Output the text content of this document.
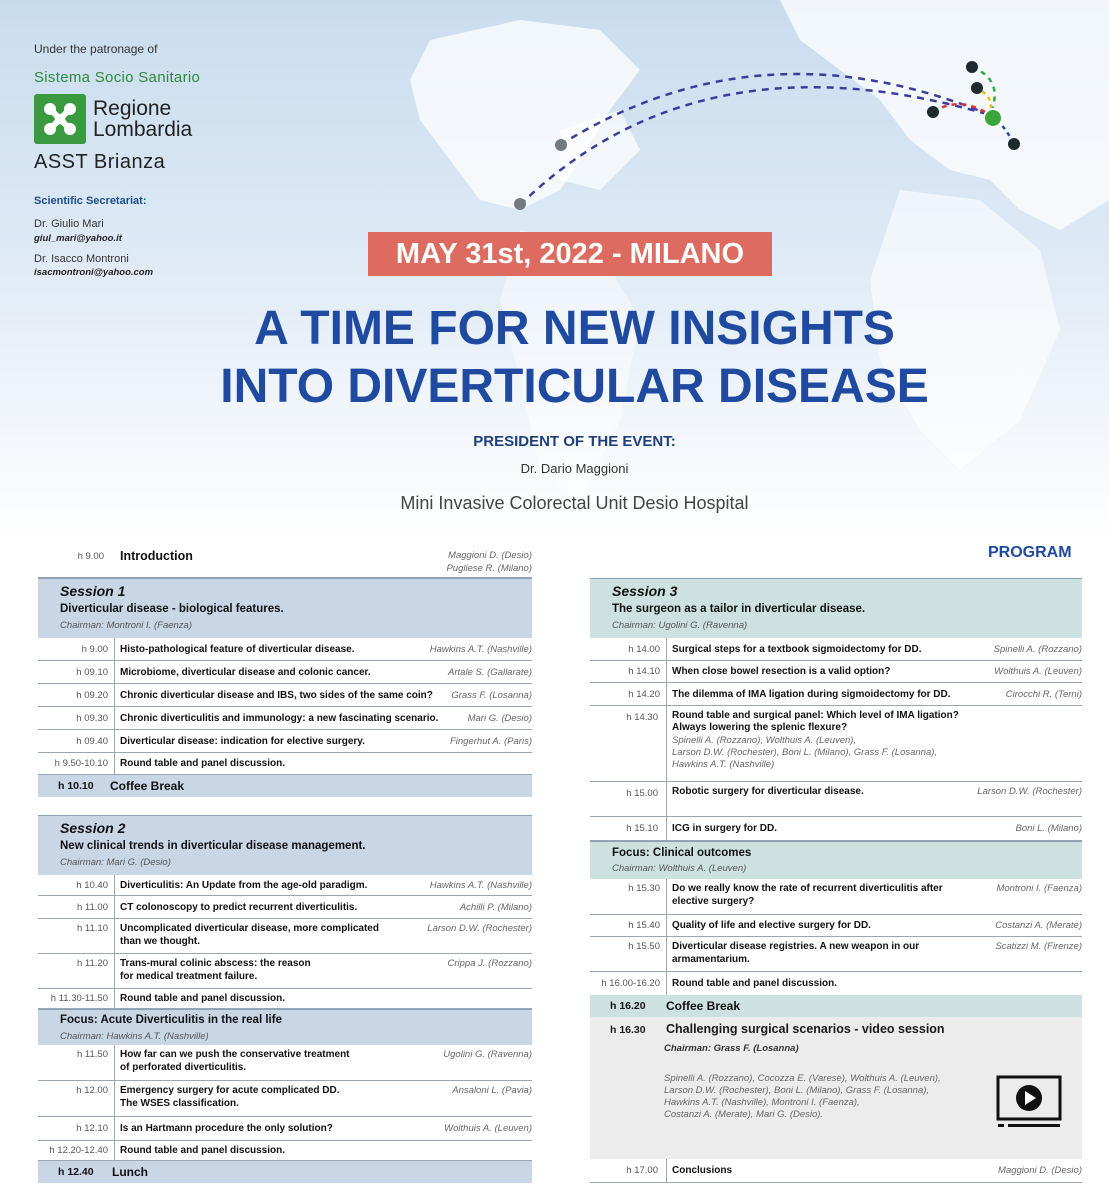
Under the patronage of
Sistema Socio Sanitario
Regione
Lombardia
ASST Brianza
Scientific Secretariat:
Dr. Giulio Mari
giul_mari@yahoo.it
Dr. Isacco Montroni
isacmontroni@yahoo.com
MAY 31st, 2022 - MILANO
A TIME FOR NEW INSIGHTS
INTO DIVERTICULAR DISEASE
PRESIDENT OF THE EVENT:
Dr. Dario Maggioni
Mini Invasive Colorectal Unit Desio Hospital
PROGRAM
h 9.00 Introduction	Maggioni D. (Desio)
Pugliese R. (Milano)
Session 1
Diverticular disease - biological features.
Chairman: Montroni I. (Faenza)
h 9.00 Histo-pathological feature of diverticular disease.	Hawkins A.T. (Nashville)
h 09.10 Microbiome, diverticular disease and colonic cancer.	Artale S. (Gallarate)
h 09.20 Chronic diverticular disease and IBS, two sides of the same coin?	Grass F. (Losanna)
h 09.30 Chronic diverticulitis and immunology: a new fascinating scenario.	Mari G. (Desio)
h 09.40 Diverticular disease: indication for elective surgery.	Fingerhut A. (Paris)
h 9.50-10.10 Round table and panel discussion.
h 10.10 Coffee Break
Session 2
New clinical trends in diverticular disease management.
Chairman: Mari G. (Desio)
h 10.40 Diverticulitis: An Update from the age-old paradigm.	Hawkins A.T. (Nashville)
h 11.00 CT colonoscopy to predict recurrent diverticulitis.	Achilli P. (Milano)
h 11.10 Uncomplicated diverticular disease, more complicated
than we thought.
Larson D.W. (Rochester)
h 11.20 Trans-mural colinic abscess: the reason
for medical treatment failure.
Crippa J. (Rozzano)
h 11.30-11.50 Round table and panel discussion.
Focus: Acute Diverticulitis in the real life
Chairman: Hawkins A.T. (Nashville)
h 11.50 How far can we push the conservative treatment
of perforated diverticulitis.
Ugolini G. (Ravenna)
h 12.00 Emergency surgery for acute complicated DD.
The WSES classification.
Ansaloni L. (Pavia)
h 12.10 Is an Hartmann procedure the only solution?	Wolthuis A. (Leuven)
h 12.20-12.40 Round table and panel discussion.
h 12.40 Lunch
Session 3
The surgeon as a tailor in diverticular disease.
Chairman: Ugolini G. (Ravenna)
h 14.00 Surgical steps for a textbook sigmoidectomy for DD.	Spinelli A. (Rozzano)
h 14.10 When close bowel resection is a valid option?	Wolthuis A. (Leuven)
h 14.20 The dilemma of IMA ligation during sigmoidectomy for DD.	Cirocchi R. (Terni)
h 14.30 Round table and surgical panel: Which level of IMA ligation?
Always lowering the splenic flexure?
Spinelli A. (Rozzano), Wolthuis A. (Leuven),
Larson D.W. (Rochester), Boni L. (Milano), Grass F. (Losanna),
Hawkins A.T. (Nashville)
h 15.00 Robotic surgery for diverticular disease.	Larson D.W. (Rochester)
h 15.10 ICG in surgery for DD.	Boni L. (Milano)
Focus: Clinical outcomes
Chairman: Wolthuis A. (Leuven)
h 15.30 Do we really know the rate of recurrent diverticulitis after
elective surgery?
Montroni I. (Faenza)
h 15.40 Quality of life and elective surgery for DD.	Costanzi A. (Merate)
h 15.50 Diverticular disease registries. A new weapon in our
armamentarium.
Scatizzi M. (Firenze)
h 16.00-16.20 Round table and panel discussion.
h 16.20 Coffee Break
h 16.30 Challenging surgical scenarios - video session
Chairman: Grass F. (Losanna)
Spinelli A. (Rozzano), Cocozza E. (Varese), Wolthuis A. (Leuven),
Larson D.W. (Rochester), Boni L. (Milano), Grass F. (Losanna),
Hawkins A.T. (Nashville), Montroni I. (Faenza),
Costanzi A. (Merate), Mari G. (Desio).
h 17.00 Conclusions	Maggioni D. (Desio)
